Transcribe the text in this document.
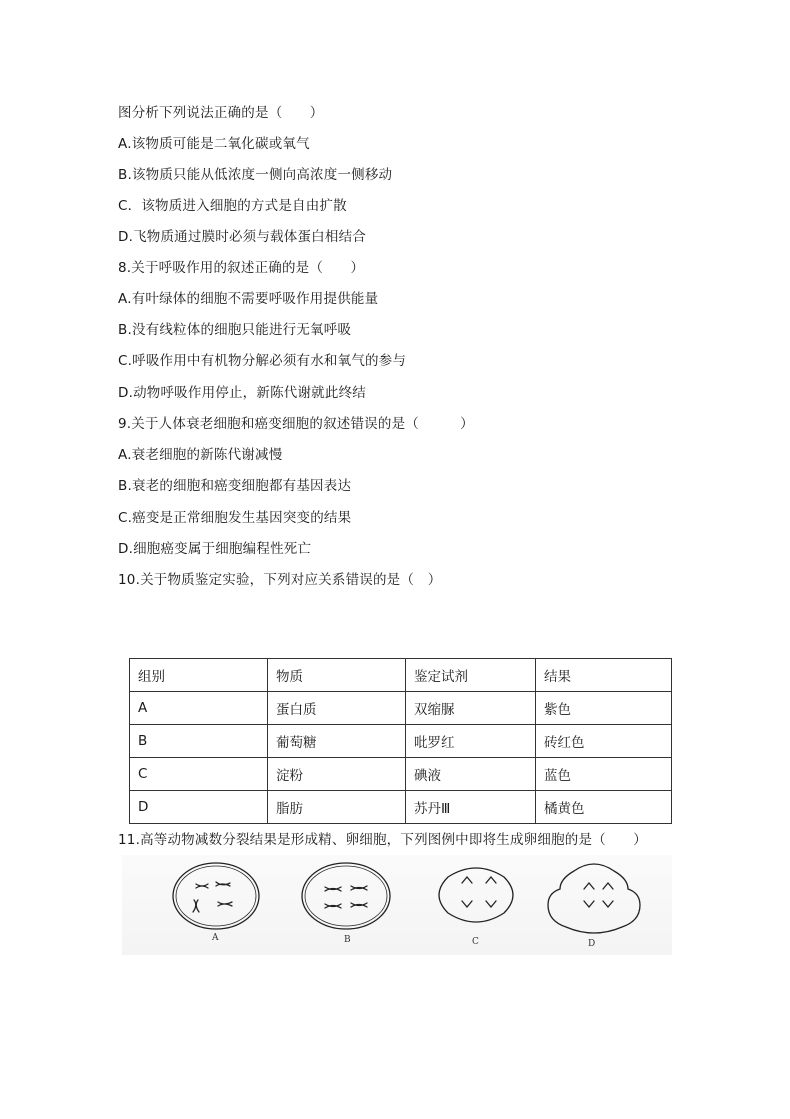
图分析下列说法正确的是（　　）
A.该物质可能是二氧化碳或氧气
B.该物质只能从低浓度一侧向高浓度一侧移动
C．该物质进入细胞的方式是自由扩散
D.飞物质通过膜时必须与载体蛋白相结合
8.关于呼吸作用的叙述正确的是（　　）
A.有叶绿体的细胞不需要呼吸作用提供能量
B.没有线粒体的细胞只能进行无氧呼吸
C.呼吸作用中有机物分解必须有水和氧气的参与
D.动物呼吸作用停止，新陈代谢就此终结
9.关于人体衰老细胞和癌变细胞的叙述错误的是（　　　）
A.衰老细胞的新陈代谢减慢
B.衰老的细胞和癌变细胞都有基因表达
C.癌变是正常细胞发生基因突变的结果
D.细胞癌变属于细胞编程性死亡
10.关于物质鉴定实验，下列对应关系错误的是（　）
组别	物质	鉴定试剂	结果
A	蛋白质	双缩脲	紫色
B	葡萄糖	吡罗红	砖红色
C	淀粉	碘液	蓝色
D	脂肪	苏丹Ⅲ	橘黄色
11.高等动物减数分裂结果是形成精、卵细胞，下列图例中即将生成卵细胞的是（　　）
A	B	C	D
